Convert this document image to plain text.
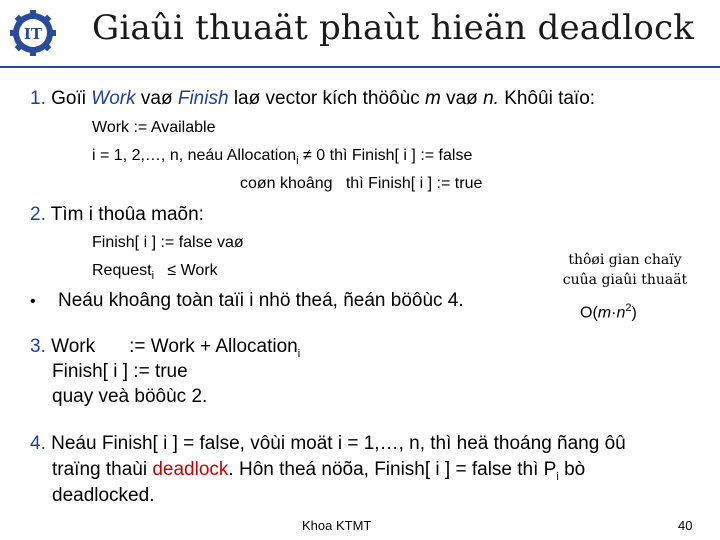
IT Giaûi thuaät phaùt hieän deadlock
1. Goïi Work vaø Finish laø vector kích thöôùc m vaø n. Khôûi taïo:
Work := Available
i = 1, 2,…, n, neáu Allocation$_i$ ≠ 0 thì Finish[ i ] := false
coøn khoâng thì Finish[ i ] := true
2. Tìm i thoûa maõn:
Finish[ i ] := false vaø
Request$_i$ ≤ Work
• Neáu khoâng toàn taïi i nhö theá, ñeán böôùc 4.
thôøi gian chaïy
cuûa giaûi thuaät
$O(m\cdot n^2)$
3. Work := Work + Allocation$_i$
Finish[ i ] := true
quay veà böôùc 2.
4. Neáu Finish[ i ] = false, vôùi moät i = 1,…, n, thì heä thoáng ñang ôû
traïng thaùi deadlock. Hôn theá nöõa, Finish[ i ] = false thì $P_i$ bò
deadlocked.
Khoa KTMT	40
